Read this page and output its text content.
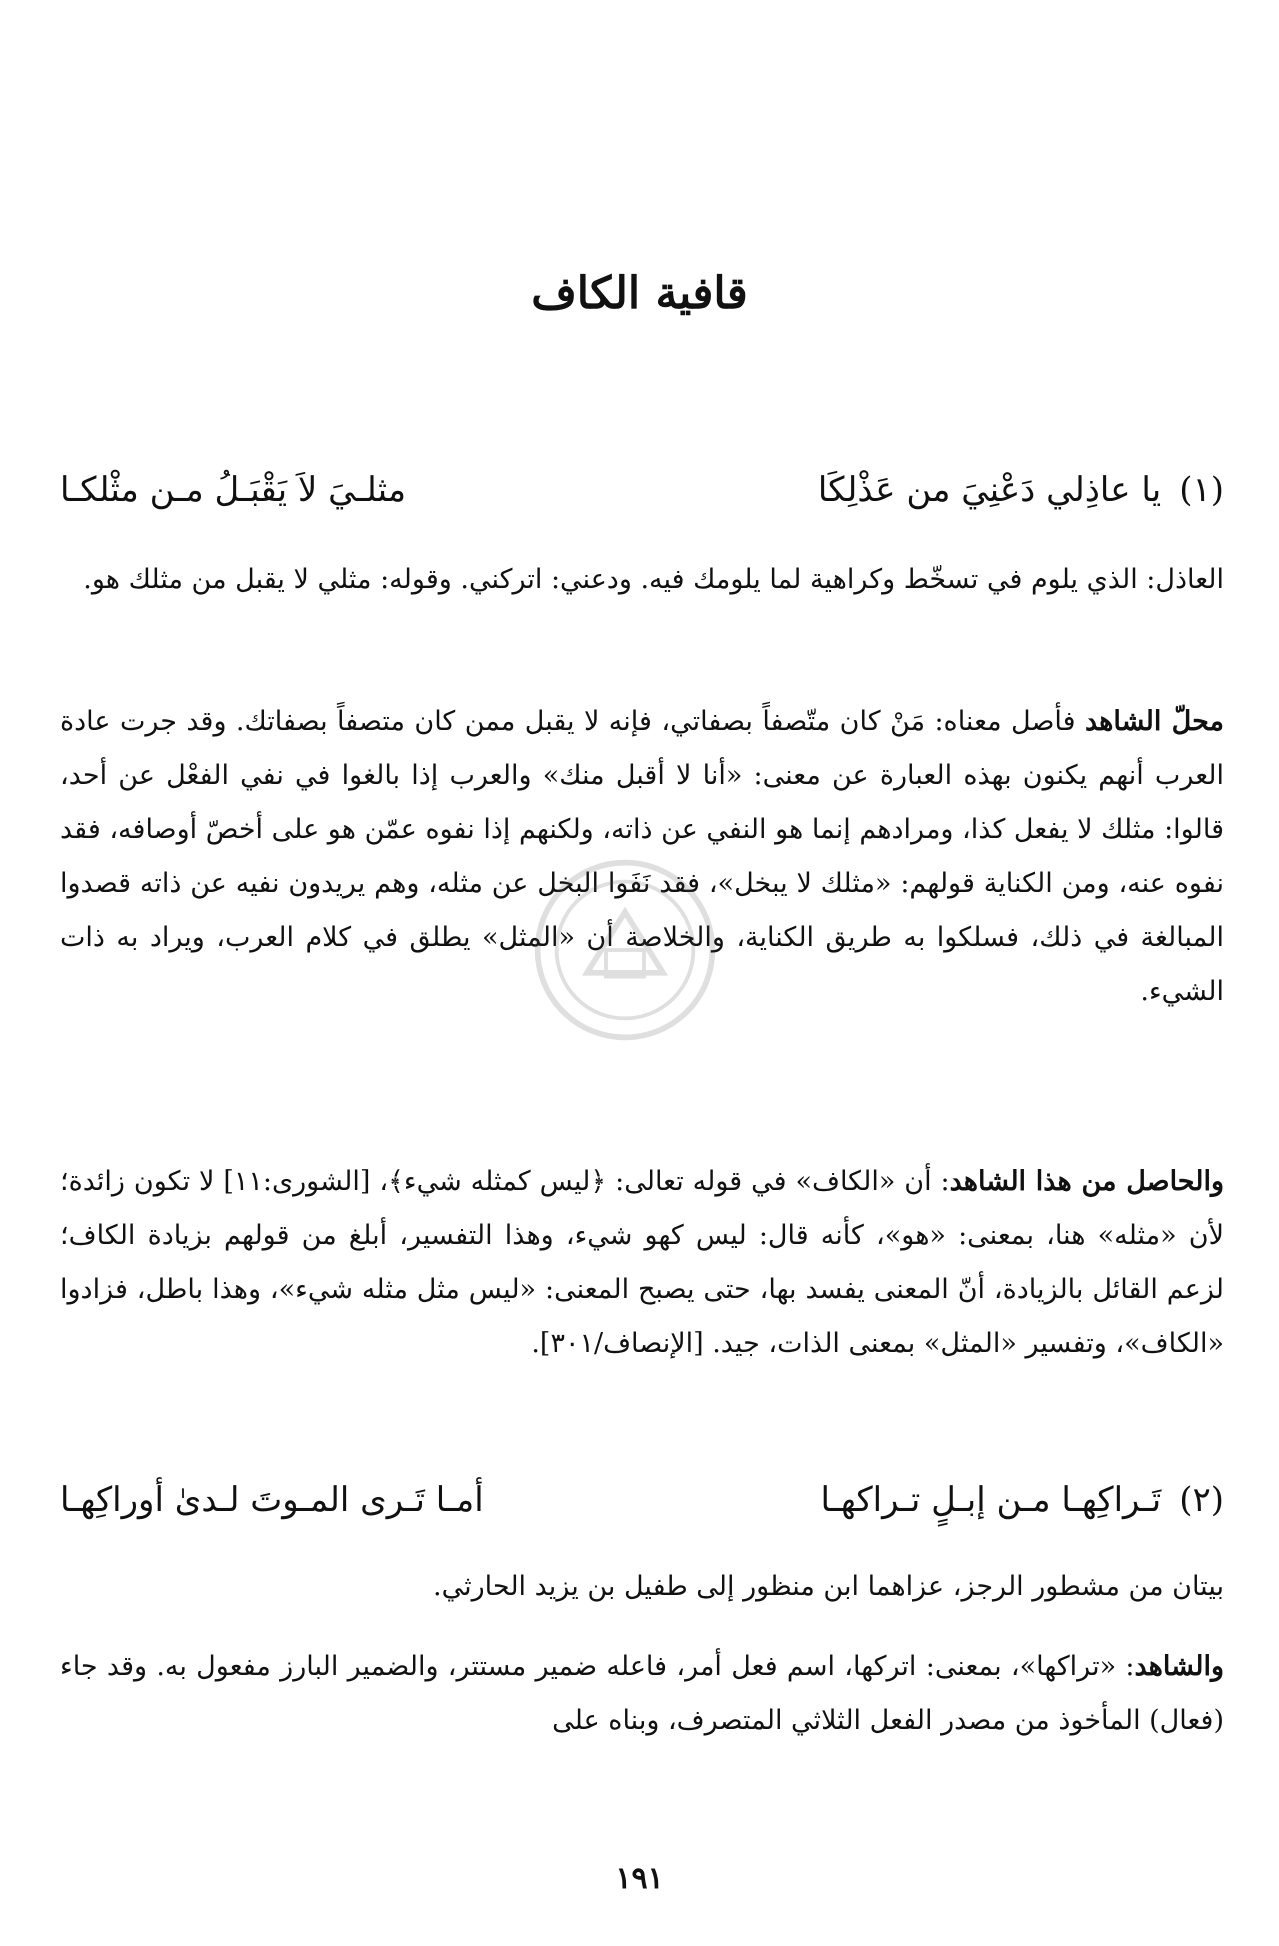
قافية الكاف
(١)
يا عاذِلي دَعْنِيَ من عَذْلِكَا
مثلـيَ لاَ يَقْبَـلُ مـن مثْلكـا

العاذل: الذي يلوم في تسخّط وكراهية لما يلومك فيه. ودعني: اتركني. وقوله: مثلي لا يقبل من مثلك هو.

محلّ الشاهد فأصل معناه: مَنْ كان متّصفاً بصفاتي، فإنه لا يقبل ممن كان متصفاً بصفاتك. وقد جرت عادة العرب أنهم يكنون بهذه العبارة عن معنى: «أنا لا أقبل منك» والعرب إذا بالغوا في نفي الفعْل عن أحد، قالوا: مثلك لا يفعل كذا، ومرادهم إنما هو النفي عن ذاته، ولكنهم إذا نفوه عمّن هو على أخصّ أوصافه، فقد نفوه عنه، ومن الكناية قولهم: «مثلك لا يبخل»، فقد نَفَوا البخل عن مثله، وهم يريدون نفيه عن ذاته قصدوا المبالغة في ذلك، فسلكوا به طريق الكناية، والخلاصة أن «المثل» يطلق في كلام العرب، ويراد به ذات الشيء.

والحاصل من هذا الشاهد: أن «الكاف» في قوله تعالى: ﴿ليس كمثله شيء﴾، [الشورى:١١] لا تكون زائدة؛ لأن «مثله» هنا، بمعنى: «هو»، كأنه قال: ليس كهو شيء، وهذا التفسير، أبلغ من قولهم بزيادة الكاف؛ لزعم القائل بالزيادة، أنّ المعنى يفسد بها، حتى يصبح المعنى: «ليس مثل مثله شيء»، وهذا باطل، فزادوا «الكاف»، وتفسير «المثل» بمعنى الذات، جيد. [الإنصاف/٣٠١].

(٢)
تَـراكِهـا مـن إبـلٍ تـراكهـا
أمـا تَـرى المـوتَ لـدىٰ أوراكِهـا

بيتان من مشطور الرجز، عزاهما ابن منظور إلى طفيل بن يزيد الحارثي.

والشاهد: «تراكها»، بمعنى: اتركها، اسم فعل أمر، فاعله ضمير مستتر، والضمير البارز مفعول به. وقد جاء (فعال) المأخوذ من مصدر الفعل الثلاثي المتصرف، وبناه على

١٩١
